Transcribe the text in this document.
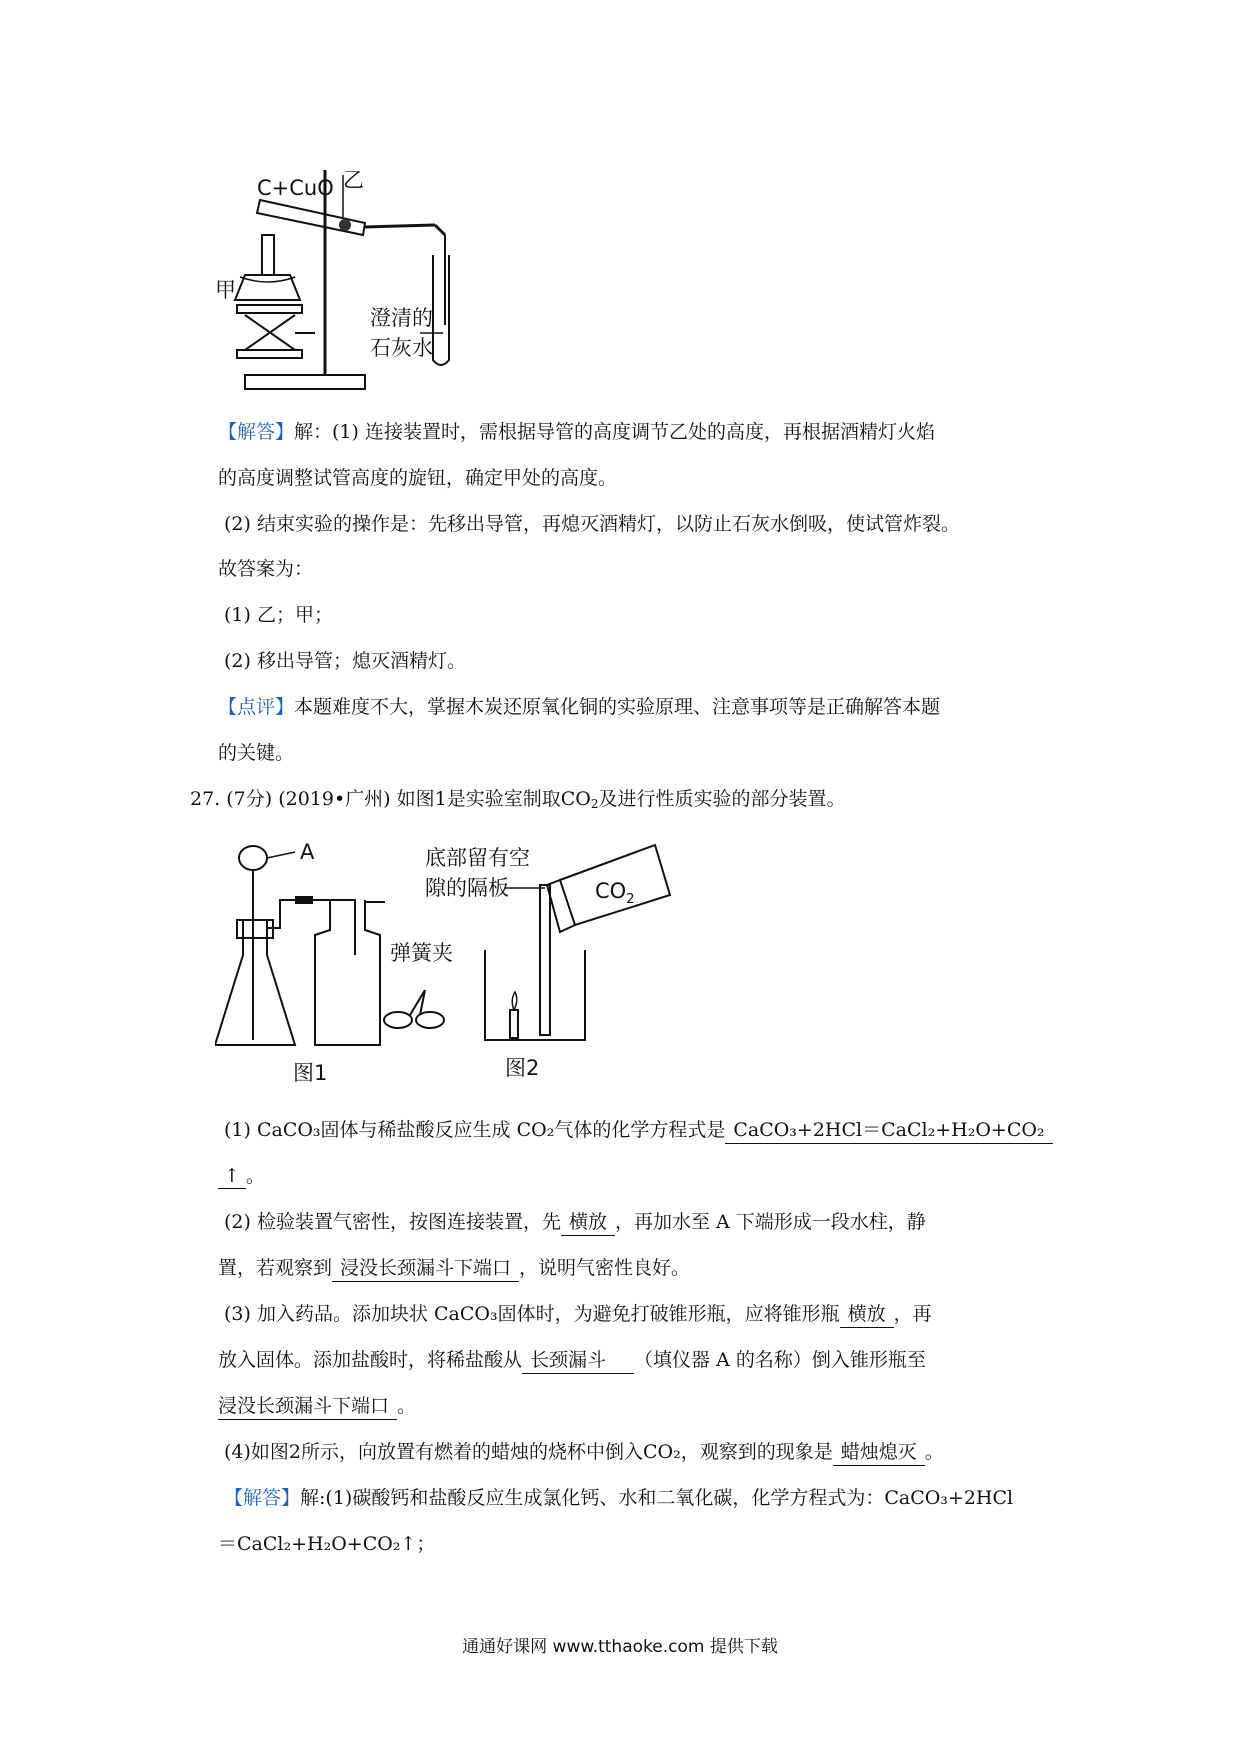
C+CuO 乙
甲
澄清的
石灰水
【解答】解：(1) 连接装置时，需根据导管的高度调节乙处的高度，再根据酒精灯火焰
的高度调整试管高度的旋钮，确定甲处的高度。
(2) 结束实验的操作是：先移出导管，再熄灭酒精灯，以防止石灰水倒吸，使试管炸裂。
故答案为：
(1) 乙；甲；
(2) 移出导管；熄灭酒精灯。
【点评】本题难度不大，掌握木炭还原氧化铜的实验原理、注意事项等是正确解答本题
的关键。
27. (7分) (2019•广州) 如图1是实验室制取$CO_2$及进行性质实验的部分装置。
A
图1
弹簧夹
底部留有空
隙的隔板	$CO_2$
图2
(1) CaCO₃固体与稀盐酸反应生成 CO₂气体的化学方程式是 CaCO₃+2HCl＝CaCl₂+H₂O+CO₂
↑ 。
(2) 检验装置气密性，按图连接装置，先 横放 ，再加水至 A 下端形成一段水柱，静
置，若观察到 浸没长颈漏斗下端口 ，说明气密性良好。
(3) 加入药品。添加块状 CaCO₃固体时，为避免打破锥形瓶，应将锥形瓶 横放 ，再
放入固体。添加盐酸时，将稀盐酸从 长颈漏斗 （填仪器 A 的名称）倒入锥形瓶至
浸没长颈漏斗下端口 。
(4)如图2所示，向放置有燃着的蜡烛的烧杯中倒入CO₂，观察到的现象是 蜡烛熄灭 。
【解答】解:(1)碳酸钙和盐酸反应生成氯化钙、水和二氧化碳，化学方程式为：CaCO₃+2HCl
＝CaCl₂+H₂O+CO₂↑；
通通好课网 www.tthaoke.com 提供下载
